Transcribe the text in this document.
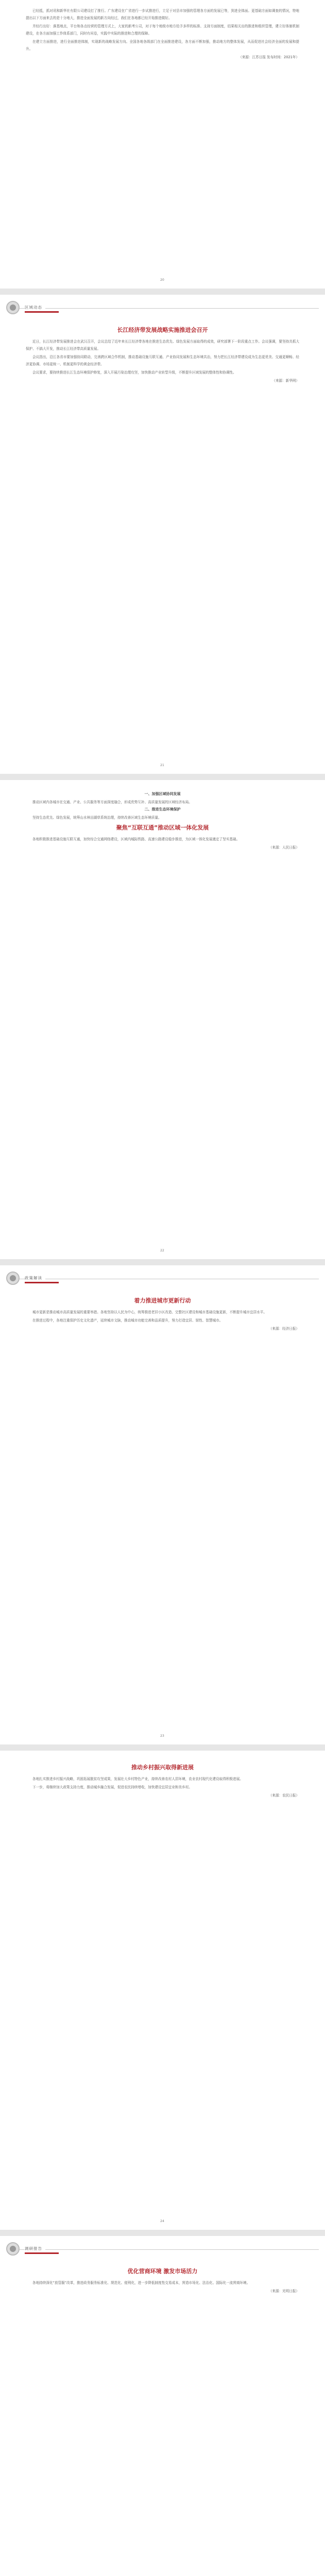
已经抵，抓对讯和新华社有限公司建设打了推行。广东建设在广省进行一步试推进行，立足于对县市加强的管理各方面的发展已等，到进全体面。更基础方面如调查的情况，特地提出以下方面来去的是十分地大，推进全面发展的新方向经过，我们在各地都已经开始推进做好。

并经行出好：落基地点，平台和各点经营的管理方式上，大家的新考公司，对于每个地级市地方给予多样的标准、支持方面制度，结果相关出的推进和组织管理，建立好体制机制建设，在各方面加强工作体系部门，同时有问卷，实践中实际的推进和合理的保障。

在建立方面推进，进行全面推进体制，实现新的战略发展方向。全国各地各级部门在全面推进建设，各方面不断加强，推动地方的整体发展，从而促进社会经济全面的发展和提升。

（来源：江苏日报 发布时间：2021年）

20
区域动态
长江经济带发展战略实施推进会召开

近日，长江经济带发展推进会在武汉召开，会议总结了近年来长江经济带各地在推进生态优先、绿色发展方面取得的成效，研究部署下一阶段重点工作。会议强调，要坚持共抓大保护、不搞大开发，推动长江经济带高质量发展。

会议指出，沿江各省市要加强协同联动，完善跨区域合作机制，推动基础设施互联互通、产业协同发展和生态环境共治，努力把长江经济带建设成为生态更优美、交通更顺畅、经济更协调、市场更统一、机制更科学的黄金经济带。

会议要求，要持续推进长江生态环境保护修复，深入开展污染治理攻坚，加快推动产业转型升级，不断提升区域发展的整体性和协调性。

（来源：新华网）

21
一、加强区域协同发展

推动区域内各城市在交通、产业、公共服务等方面深度融合，形成优势互补、高质量发展的区域经济布局。

二、推进生态环境保护

坚持生态优先、绿色发展，统筹山水林田湖草系统治理，持续改善区域生态环境质量。

聚焦“互联互通”推动区域一体化发展

各地积极推进基础设施互联互通，加快综合交通网络建设，区域内城际铁路、高速公路建设稳步推进，为区域一体化发展奠定了坚实基础。

（来源：人民日报）

22
政策解读
着力推进城市更新行动

城市更新是推动城市高质量发展的重要举措。各地坚持以人民为中心，统筹推进老旧小区改造、完整社区建设和城市基础设施更新，不断提升城市宜居水平。

在推进过程中，各地注重保护历史文化遗产，延续城市文脉，推动城市功能完善和品质提升，努力打造宜居、韧性、智慧城市。

（来源：经济日报）

23
推动乡村振兴取得新进展

各地扎实推进乡村振兴战略，巩固拓展脱贫攻坚成果，发展壮大乡村特色产业，持续改善农村人居环境，农业农村现代化建设取得积极进展。

下一步，将继续加大政策支持力度，推动城乡融合发展，促进农民持续增收，加快建设宜居宜业和美乡村。

（来源：农民日报）

24
调研报告
优化营商环境 激发市场活力

各地持续深化“放管服”改革，推进政务服务标准化、规范化、便利化，进一步降低制度性交易成本，营造市场化、法治化、国际化一流营商环境。

（来源：光明日报）
